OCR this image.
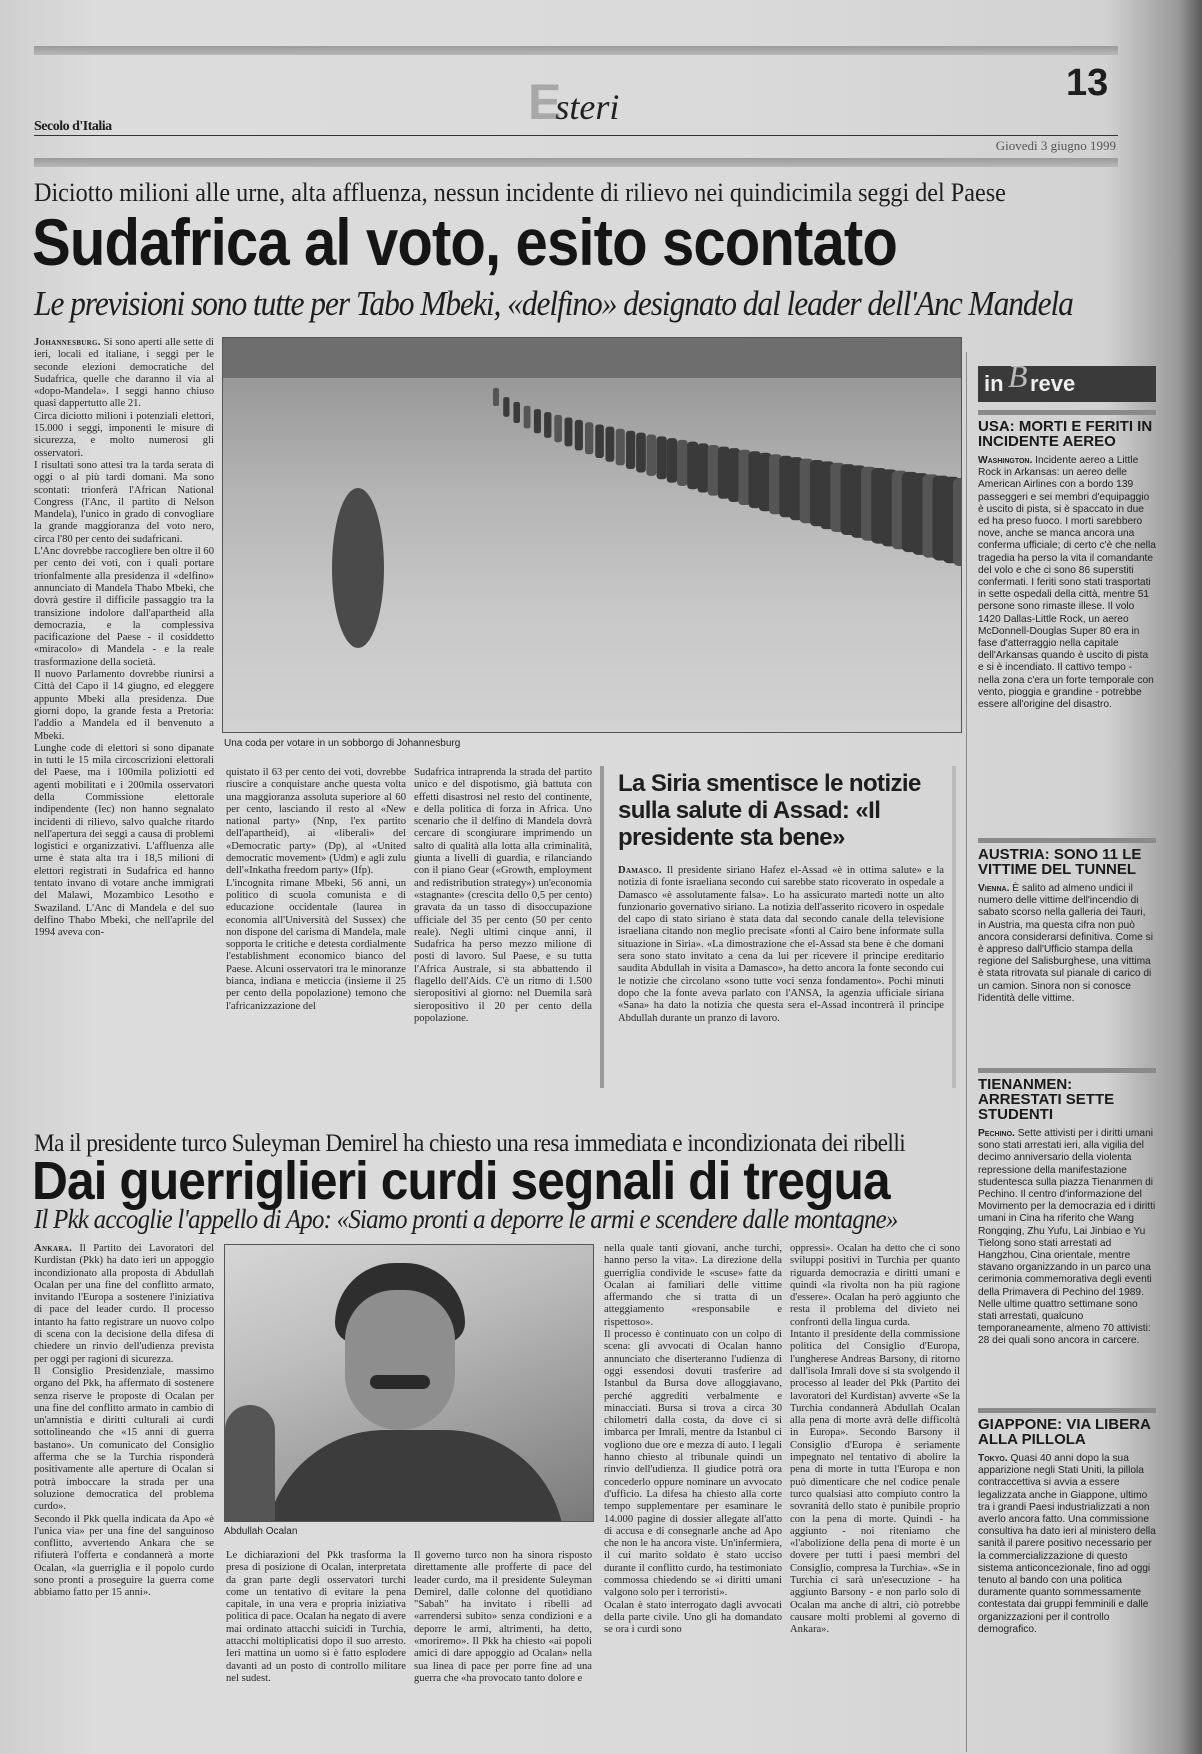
Esteri
13
Secolo d'Italia
Giovedì 3 giugno 1999
Diciotto milioni alle urne, alta affluenza, nessun incidente di rilievo nei quindicimila seggi del Paese
Sudafrica al voto, esito scontato
Le previsioni sono tutte per Tabo Mbeki, «delfino» designato dal leader dell'Anc Mandela
Johannesburg. Si sono aperti alle sette di ieri, locali ed italiane, i seggi per le seconde elezioni democratiche del Sudafrica, quelle che daranno il via al «dopo-Mandela». I seggi hanno chiuso quasi dappertutto alle 21.
Circa diciotto milioni i potenziali elettori, 15.000 i seggi, imponenti le misure di sicurezza, e molto numerosi gli osservatori.
I risultati sono attesi tra la tarda serata di oggi o al più tardi domani. Ma sono scontati: trionferà l'African National Congress (l'Anc, il partito di Nelson Mandela), l'unico in grado di convogliare la grande maggioranza del voto nero, circa l'80 per cento dei sudafricani.
L'Anc dovrebbe raccogliere ben oltre il 60 per cento dei voti, con i quali portare trionfalmente alla presidenza il «delfino» annunciato di Mandela Thabo Mbeki, che dovrà gestire il difficile passaggio tra la transizione indolore dall'apartheid alla democrazia, e la complessiva pacificazione del Paese - il cosiddetto «miracolo» di Mandela - e la reale trasformazione della società.
Il nuovo Parlamento dovrebbe riunirsi a Città del Capo il 14 giugno, ed eleggere appunto Mbeki alla presidenza. Due giorni dopo, la grande festa a Pretoria: l'addio a Mandela ed il benvenuto a Mbeki.
Lunghe code di elettori si sono dipanate in tutti le 15 mila circoscrizioni elettorali del Paese, ma i 100mila poliziotti ed agenti mobilitati e i 200mila osservatori della Commissione elettorale indipendente (Iec) non hanno segnalato incidenti di rilievo, salvo qualche ritardo nell'apertura dei seggi a causa di problemi logistici e organizzativi. L'affluenza alle urne è stata alta tra i 18,5 milioni di elettori registrati in Sudafrica ed hanno tentato invano di votare anche immigrati del Malawi, Mozambico Lesotho e Swaziland. L'Anc di Mandela e del suo delfino Thabo Mbeki, che nell'aprile del 1994 aveva con-
Una coda per votare in un sobborgo di Johannesburg
quistato il 63 per cento dei voti, dovrebbe riuscire a conquistare anche questa volta una maggioranza assoluta superiore al 60 per cento, lasciando il resto al «New national party» (Nnp, l'ex partito dell'apartheid), ai «liberali» del «Democratic party» (Dp), al «United democratic movement» (Udm) e agli zulu dell'«Inkatha freedom party» (Ifp).
L'incognita rimane Mbeki, 56 anni, un politico di scuola comunista e di educazione occidentale (laurea in economia all'Università del Sussex) che non dispone del carisma di Mandela, male sopporta le critiche e detesta cordialmente l'establishment economico bianco del Paese. Alcuni osservatori tra le minoranze bianca, indiana e meticcia (insieme il 25 per cento della popolazione) temono che l'africanizzazione del
Sudafrica intraprenda la strada del partito unico e del dispotismo, già battuta con effetti disastrosi nel resto del continente, e della politica di forza in Africa. Uno scenario che il delfino di Mandela dovrà cercare di scongiurare imprimendo un salto di qualità alla lotta alla criminalità, giunta a livelli di guardia, e rilanciando con il piano Gear («Growth, employment and redistribution strategy») un'economia «stagnante» (crescita dello 0,5 per cento) gravata da un tasso di disoccupazione ufficiale del 35 per cento (50 per cento reale). Negli ultimi cinque anni, il Sudafrica ha perso mezzo milione di posti di lavoro. Sul Paese, e su tutta l'Africa Australe, si sta abbattendo il flagello dell'Aids. C'è un ritmo di 1.500 sieropositivi al giorno: nel Duemila sarà sieropositivo il 20 per cento della popolazione.
La Siria smentisce le notizie sulla salute di Assad: «Il presidente sta bene»
Damasco. Il presidente siriano Hafez el-Assad «è in ottima salute» e la notizia di fonte israeliana secondo cui sarebbe stato ricoverato in ospedale a Damasco «è assolutamente falsa». Lo ha assicurato martedì notte un alto funzionario governativo siriano. La notizia dell'asserito ricovero in ospedale del capo di stato siriano è stata data dal secondo canale della televisione israeliana citando non meglio precisate «fonti al Cairo bene informate sulla situazione in Siria». «La dimostrazione che el-Assad sta bene è che domani sera sono stato invitato a cena da lui per ricevere il principe ereditario saudita Abdullah in visita a Damasco», ha detto ancora la fonte secondo cui le notizie che circolano «sono tutte voci senza fondamento». Pochi minuti dopo che la fonte aveva parlato con l'ANSA, la agenzia ufficiale siriana «Sana» ha dato la notizia che questa sera el-Assad incontrerà il principe Abdullah durante un pranzo di lavoro.
in B reve
USA: MORTI E FERITI IN INCIDENTE AEREO
Washington. Incidente aereo a Little Rock in Arkansas: un aereo delle American Airlines con a bordo 139 passeggeri e sei membri d'equipaggio è uscito di pista, si è spaccato in due ed ha preso fuoco. I morti sarebbero nove, anche se manca ancora una conferma ufficiale; di certo c'è che nella tragedia ha perso la vita il comandante del volo e che ci sono 86 superstiti confermati. I feriti sono stati trasportati in sette ospedali della città, mentre 51 persone sono rimaste illese. Il volo 1420 Dallas-Little Rock, un aereo McDonnell-Douglas Super 80 era in fase d'atterraggio nella capitale dell'Arkansas quando è uscito di pista e si è incendiato. Il cattivo tempo - nella zona c'era un forte temporale con vento, pioggia e grandine - potrebbe essere all'origine del disastro.
AUSTRIA: SONO 11 LE VITTIME DEL TUNNEL
Vienna. È salito ad almeno undici il numero delle vittime dell'incendio di sabato scorso nella galleria dei Tauri, in Austria, ma questa cifra non può ancora considerarsi definitiva. Come si è appreso dall'Ufficio stampa della regione del Salisburghese, una vittima è stata ritrovata sul pianale di carico di un camion. Sinora non si conosce l'identità delle vittime.
TIENANMEN: ARRESTATI SETTE STUDENTI
Pechino. Sette attivisti per i diritti umani sono stati arrestati ieri, alla vigilia del decimo anniversario della violenta repressione della manifestazione studentesca sulla piazza Tienanmen di Pechino. Il centro d'informazione del Movimento per la democrazia ed i diritti umani in Cina ha riferito che Wang Rongqing, Zhu Yufu, Lai Jinbiao e Yu Tielong sono stati arrestati ad Hangzhou, Cina orientale, mentre stavano organizzando in un parco una cerimonia commemorativa degli eventi della Primavera di Pechino del 1989. Nelle ultime quattro settimane sono stati arrestati, qualcuno temporaneamente, almeno 70 attivisti: 28 dei quali sono ancora in carcere.
GIAPPONE: VIA LIBERA ALLA PILLOLA
Tokyo. Quasi 40 anni dopo la sua apparizione negli Stati Uniti, la pillola contraccettiva si avvia a essere legalizzata anche in Giappone, ultimo tra i grandi Paesi industrializzati a non averlo ancora fatto. Una commissione consultiva ha dato ieri al ministero della sanità il parere positivo necessario per la commercializzazione di questo sistema anticoncezionale, fino ad oggi tenuto al bando con una politica duramente quanto sommessamente contestata dai gruppi femminili e dalle organizzazioni per il controllo demografico.
Ma il presidente turco Suleyman Demirel ha chiesto una resa immediata e incondizionata dei ribelli
Dai guerriglieri curdi segnali di tregua
Il Pkk accoglie l'appello di Apo: «Siamo pronti a deporre le armi e scendere dalle montagne»
Ankara. Il Partito dei Lavoratori del Kurdistan (Pkk) ha dato ieri un appoggio incondizionato alla proposta di Abdullah Ocalan per una fine del conflitto armato, invitando l'Europa a sostenere l'iniziativa di pace del leader curdo. Il processo intanto ha fatto registrare un nuovo colpo di scena con la decisione della difesa di chiedere un rinvio dell'udienza prevista per oggi per ragioni di sicurezza.
Il Consiglio Presidenziale, massimo organo del Pkk, ha affermato di sostenere senza riserve le proposte di Ocalan per una fine del conflitto armato in cambio di un'amnistia e diritti culturali ai curdi sottolineando che «15 anni di guerra bastano». Un comunicato del Consiglio afferma che se la Turchia risponderà positivamente alle aperture di Ocalan si potrà imboccare la strada per una soluzione democratica del problema curdo».
Secondo il Pkk quella indicata da Apo «è l'unica via» per una fine del sanguinoso conflitto, avvertendo Ankara che se rifiuterà l'offerta e condannerà a morte Ocalan, «la guerriglia e il popolo curdo sono pronti a proseguire la guerra come abbiamo fatto per 15 anni».
Abdullah Ocalan
Le dichiarazioni del Pkk trasforma la presa di posizione di Ocalan, interpretata da gran parte degli osservatori turchi come un tentativo di evitare la pena capitale, in una vera e propria iniziativa politica di pace. Ocalan ha negato di avere mai ordinato attacchi suicidi in Turchia, attacchi moltiplicatisi dopo il suo arresto. Ieri mattina un uomo si è fatto esplodere davanti ad un posto di controllo militare nel sudest.
Il governo turco non ha sinora risposto direttamente alle profferte di pace del leader curdo, ma il presidente Suleyman Demirel, dalle colonne del quotidiano "Sabah" ha invitato i ribelli ad «arrendersi subito» senza condizioni e a deporre le armi, altrimenti, ha detto, «moriremo». Il Pkk ha chiesto «ai popoli amici di dare appoggio ad Ocalan» nella sua linea di pace per porre fine ad una guerra che «ha provocato tanto dolore e
nella quale tanti giovani, anche turchi, hanno perso la vita». La direzione della guerriglia condivide le «scuse» fatte da Ocalan ai familiari delle vittime affermando che si tratta di un atteggiamento «responsabile e rispettoso».
Il processo è continuato con un colpo di scena: gli avvocati di Ocalan hanno annunciato che diserteranno l'udienza di oggi essendosi dovuti trasferire ad Istanbul da Bursa dove alloggiavano, perché aggrediti verbalmente e minacciati. Bursa si trova a circa 30 chilometri dalla costa, da dove ci si imbarca per Imrali, mentre da Istanbul ci vogliono due ore e mezza di auto. I legali hanno chiesto al tribunale quindi un rinvio dell'udienza. Il giudice potrà ora concederlo oppure nominare un avvocato d'ufficio. La difesa ha chiesto alla corte tempo supplementare per esaminare le 14.000 pagine di dossier allegate all'atto di accusa e di consegnarle anche ad Apo che non le ha ancora viste. Un'infermiera, il cui marito soldato è stato ucciso durante il conflitto curdo, ha testimoniato commossa chiedendo se «i diritti umani valgono solo per i terroristi».
Ocalan è stato interrogato dagli avvocati della parte civile. Uno gli ha domandato se ora i curdi sono
oppressi». Ocalan ha detto che ci sono sviluppi positivi in Turchia per quanto riguarda democrazia e diritti umani e quindi «la rivolta non ha più ragione d'essere». Ocalan ha però aggiunto che resta il problema del divieto nei confronti della lingua curda.
Intanto il presidente della commissione politica del Consiglio d'Europa, l'ungherese Andreas Barsony, di ritorno dall'isola Imrali dove si sta svolgendo il processo al leader del Pkk (Partito dei lavoratori del Kurdistan) avverte «Se la Turchia condannerà Abdullah Ocalan alla pena di morte avrà delle difficoltà in Europa». Secondo Barsony il Consiglio d'Europa è seriamente impegnato nel tentativo di abolire la pena di morte in tutta l'Europa e non può dimenticare che nel codice penale turco qualsiasi atto compiuto contro la sovranità dello stato è punibile proprio con la pena di morte. Quindi - ha aggiunto - noi riteniamo che «l'abolizione della pena di morte è un dovere per tutti i paesi membri del Consiglio, compresa la Turchia». «Se in Turchia ci sarà un'esecuzione - ha aggiunto Barsony - e non parlo solo di Ocalan ma anche di altri, ciò potrebbe causare molti problemi al governo di Ankara».
